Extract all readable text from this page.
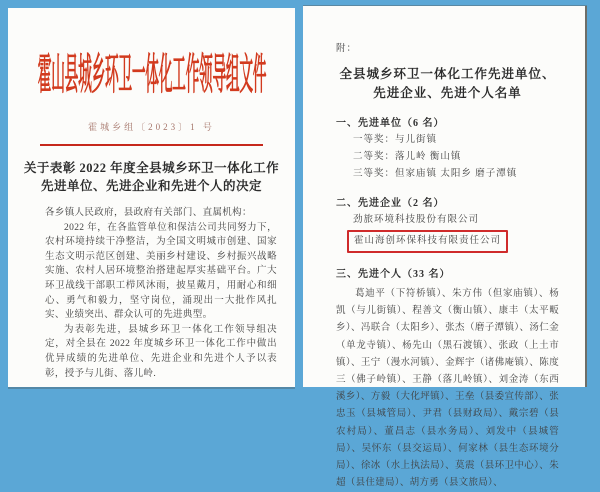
霍山县城乡环卫一体化工作领导组文件
霍城乡组〔2023〕1 号
关于表彰 2022 年度全县城乡环卫一体化工作
先进单位、先进企业和先进个人的决定

各乡镇人民政府，县政府有关部门、直属机构：

2022 年，在各监管单位和保洁公司共同努力下，农村环境持续干净整洁，为全国文明城市创建、国家生态文明示范区创建、美丽乡村建设、乡村振兴战略实施、农村人居环境整治搭建起厚实基础平台。广大环卫战线干部职工栉风沐雨，披星戴月，用耐心和细心、勇气和毅力，坚守岗位，涌现出一大批作风扎实、业绩突出、群众认可的先进典型。

为表彰先进，县城乡环卫一体化工作领导组决定，对全县在 2022 年度城乡环卫一体化工作中做出优异成绩的先进单位、先进企业和先进个人予以表彰，授予与儿街、落儿岭.

附：
全县城乡环卫一体化工作先进单位、
先进企业、先进个人名单
一、先进单位（6 名）
一等奖：与儿街镇
二等奖：落儿岭 衡山镇
三等奖：但家庙镇 太阳乡 磨子潭镇
二、先进企业（2 名）
劲旅环境科技股份有限公司
霍山海创环保科技有限责任公司
三、先进个人（33 名）

葛迪平（下符桥镇）、朱方伟（但家庙镇）、杨凯（与儿街镇）、程善文（衡山镇）、康丰（太平畈乡）、冯联合（太阳乡）、张杰（磨子潭镇）、汤仁金（单龙寺镇）、杨先山（黑石渡镇）、张政（上土市镇）、王宁（漫水河镇）、金辉宇（诸佛庵镇）、陈度三（佛子岭镇）、王静（落儿岭镇）、刘金涛（东西溪乡）、方毅（大化坪镇）、王垒（县委宣传部）、张忠玉（县城管局）、尹君（县财政局）、戴宗碧（县农村局）、董昌志（县水务局）、刘发中（县城管局）、吴怀东（县交运局）、何家林（县生态环境分局）、徐冰（水上执法局）、莫震（县环卫中心）、朱超（县住建局）、胡方勇（县文旅局）、
